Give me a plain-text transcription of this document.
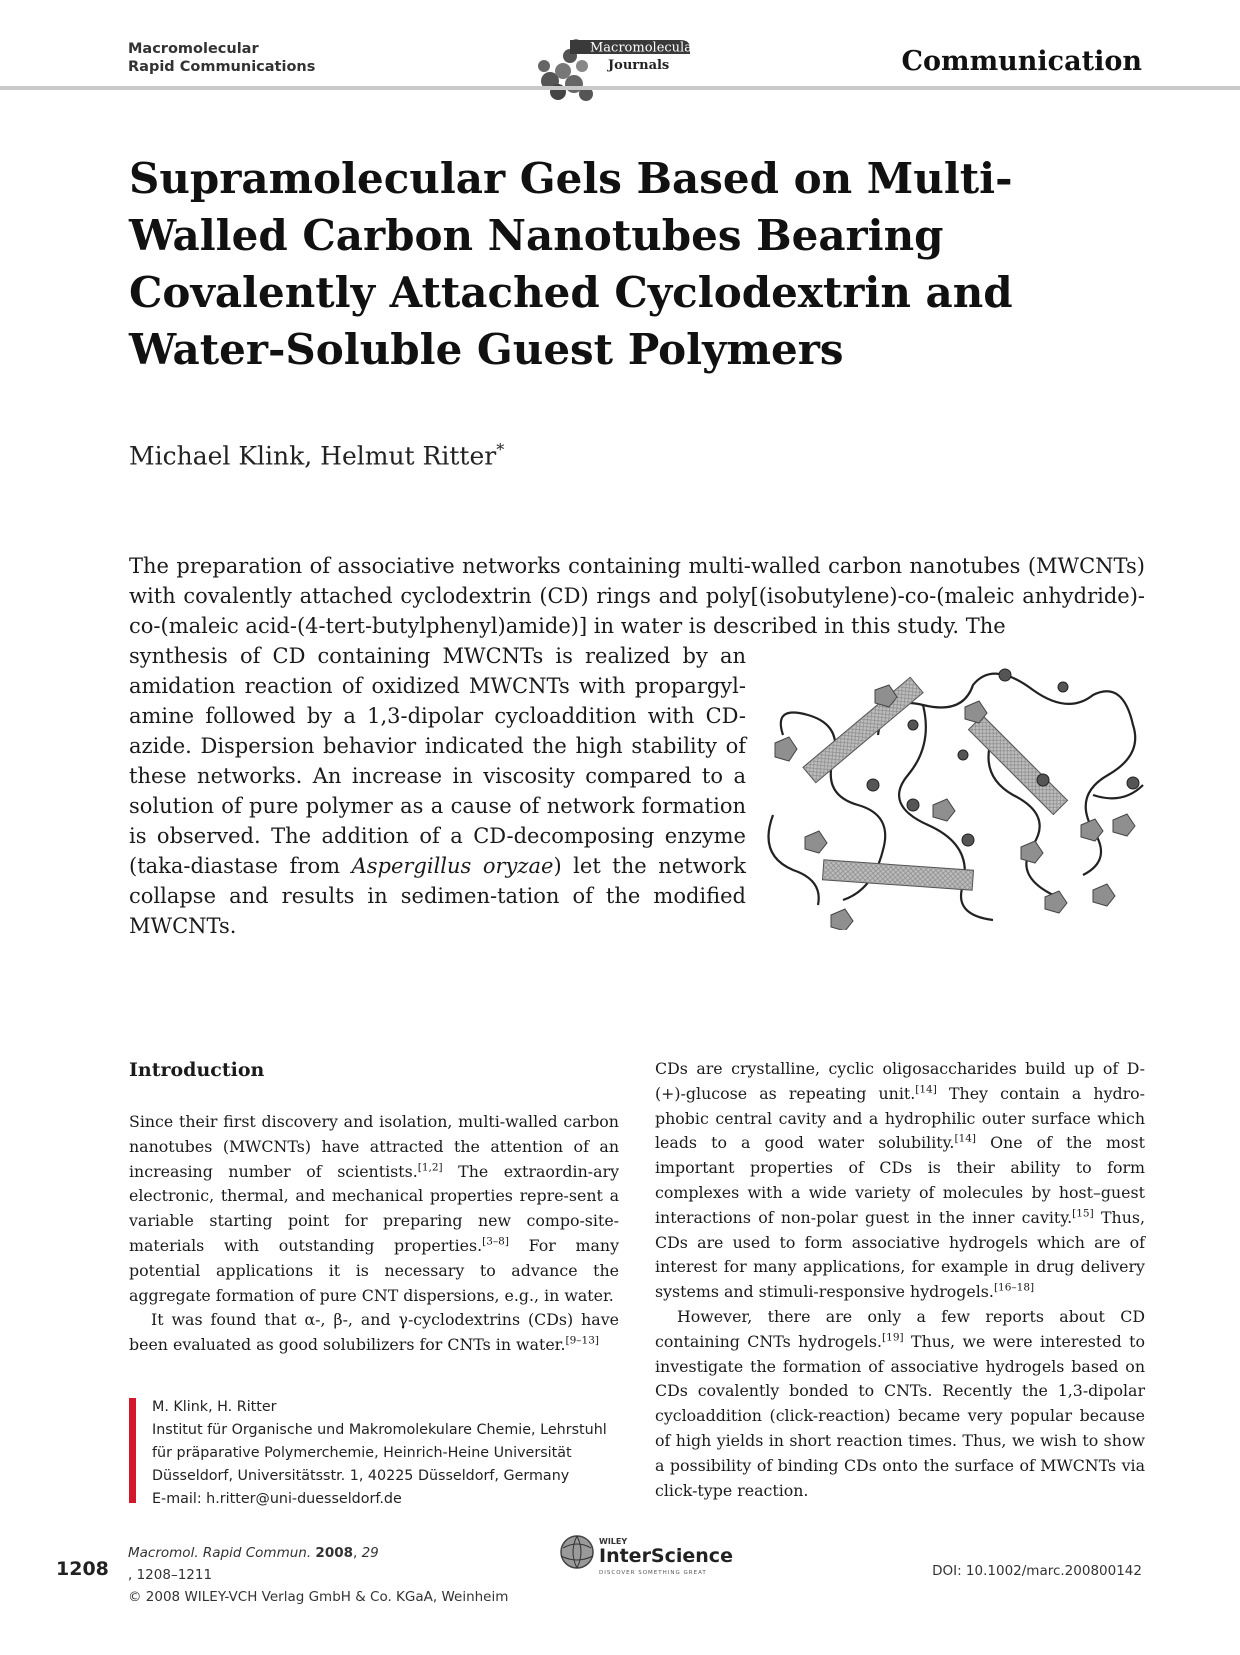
Macromolecular
Rapid Communications
Macromolecular
Journals	Communication
Supramolecular Gels Based on Multi-Walled Carbon Nanotubes Bearing Covalently Attached Cyclodextrin and Water-Soluble Guest Polymers
Michael Klink, Helmut Ritter*
The preparation of associative networks containing multi-walled carbon nanotubes (MWCNTs) with covalently attached cyclodextrin (CD) rings and poly[(isobutylene)-co-(maleic anhydride)-co-(maleic acid-(4-tert-butylphenyl)amide)] in water is described in this study. The
synthesis of CD containing MWCNTs is realized by an amidation reaction of oxidized MWCNTs with propargyl-amine followed by a 1,3-dipolar cycloaddition with CD-azide. Dispersion behavior indicated the high stability of these networks. An increase in viscosity compared to a solution of pure polymer as a cause of network formation is observed. The addition of a CD-decomposing enzyme (taka-diastase from Aspergillus oryzae) let the network collapse and results in sedimen-tation of the modified MWCNTs.
Introduction

Since their first discovery and isolation, multi-walled carbon nanotubes (MWCNTs) have attracted the attention of an increasing number of scientists.[1,2] The extraordin-ary electronic, thermal, and mechanical properties repre-sent a variable starting point for preparing new compo-site-materials with outstanding properties.[3–8] For many potential applications it is necessary to advance the aggregate formation of pure CNT dispersions, e.g., in water.

It was found that α-, β-, and γ-cyclodextrins (CDs) have been evaluated as good solubilizers for CNTs in water.[9–13]

CDs are crystalline, cyclic oligosaccharides build up of D-(+)-glucose as repeating unit.[14] They contain a hydro-phobic central cavity and a hydrophilic outer surface which leads to a good water solubility.[14] One of the most important properties of CDs is their ability to form complexes with a wide variety of molecules by host–guest interactions of non-polar guest in the inner cavity.[15] Thus, CDs are used to form associative hydrogels which are of interest for many applications, for example in drug delivery systems and stimuli-responsive hydrogels.[16–18]

However, there are only a few reports about CD containing CNTs hydrogels.[19] Thus, we were interested to investigate the formation of associative hydrogels based on CDs covalently bonded to CNTs. Recently the 1,3-dipolar cycloaddition (click-reaction) became very popular because of high yields in short reaction times. Thus, we wish to show a possibility of binding CDs onto the surface of MWCNTs via click-type reaction.

M. Klink, H. Ritter
Institut für Organische und Makromolekulare Chemie, Lehrstuhl
für präparative Polymerchemie, Heinrich-Heine Universität
Düsseldorf, Universitätsstr. 1, 40225 Düsseldorf, Germany
E-mail: h.ritter@uni-duesseldorf.de
1208
Macromol. Rapid Commun. 2008, 29
, 1208–1211
© 2008 WILEY-VCH Verlag GmbH & Co. KGaA, Weinheim
WILEY
InterScience
DISCOVER SOMETHING GREAT	DOI: 10.1002/marc.200800142
